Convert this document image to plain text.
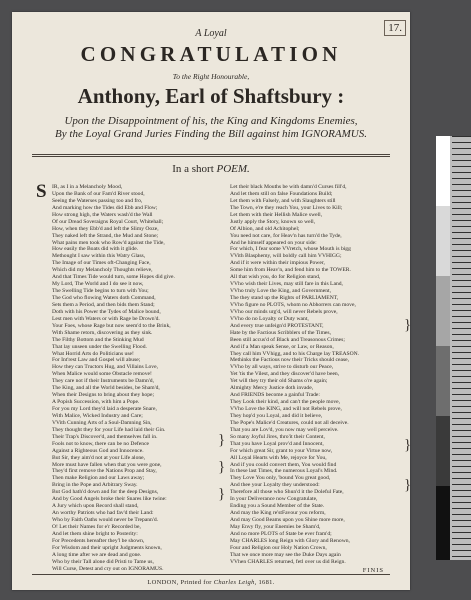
17.
A Loyal
CONGRATULATION
To the Right Honourable,
Anthony, Earl of Shaftsbury :
Upon the Disappointment of his, the King and Kingdoms Enemies,
By the Loyal Grand Juries Finding the Bill against him IGNORAMUS.
In a short POEM.
S IR, as I in a Melancholy Mood,
Upon the Bank of our Fam'd River stood,
Seeing the Waterses passing too and fro,
And marking how the Tides did Ebb and Flow;
How strong high, the Waters wash'd the Wall
Of our Dread Soveraigns Royal Court, Whitehall;
How, when they Ebb'd and left the Slimy Ooze,
They naked left the Strand, the Mud and Stone;
What pains men took who Row'd against the Tide,
How easily the Boats did with it glide.
Methought I saw within this Watry Glass,
The Image of our Times oft-Changing Face,
Which did my Melancholy Thoughts relieve,
And that Times Tide would turn, some Hopes did give.
My Lord, The World and I do see it now,
The Swelling Tide begins to turn with You;
The God who flowing Waters doth Command,
Sets them a Period, and then bids them Stand;
Doth with his Power the Tydes of Malice bound,
Lest men with Waters or with Rage be Drown'd.
Your Foes, whose Rage but now seem'd to the Brink,
With Shame retorn, discovering as they sink.
The Filthy Bottom and the Stinking Mud
That lay unseen under the Swelling Flood.
What Horrid Arts do Politicians use!
For Int'rest Law and Gospel will abuse;
How they can Tructors Hug, and Villains Love,
When Malice would some Obstacle remove!
They care not if their Instruments be Damn'd,
The King, and all the World besides, be Sham'd,
When their Designs to bring about they hope;
A Popish Succession, with him a Pope.
For you my Lord they'd laid a desperate Snare,
With Malice, Wicked Industry and Care;
VVith Cunning Arts of a Soul-Damning Sin,
They thought they for your Life had laid their Gin.
Their Trap's Discover'd, and themselves fall in.
Fools not to know, there can be no Defence
Against a Righteous God and Innocence.
But Sir, they aim'd not at your Life alone,
More must have fallen when that you were gone,
They'd first remove the Nations Prop and Stay,
Then make Religion and our Laws away;
Bring in the Pope and Arbitrary Sway.
But God hath'd down and for the deep Designs,
And by Good Angels broke their Snares like twine:
A Jury which upon Record shall stand,
An worthy Patriots who had fav'd their Land:
Who by Faith Oaths would never be Trepann'd.
O! Let their Names for e'r Recorded be,
And let them shine bright to Posterity:
For Precedents hereafter they'l be shown,
For Wisdom and their upright Judgments known,
A long time after we are dead and gone.
Who by their Tall alone did Pristi to Tame us,
Will Curse, Detest and cry out on IGNORAMUS.
Let their black Mouths be with damn'd Curses fill'd,
And let them still on false Foundations Build;
Let them with Falsely, and with Slaughters still
The Town, e're they reach You, your Lives to Kill;
Let them with their Hellish Malice swell,
Justly apply the Story, known so well,
Of Albion, and old Achitophel;
You need not care, for Heav'n has turn'd the Tyde,
And he himself appeared on your side:
For which, I fear some VVretch, whose Mouth is bigg
VVith Blasphemy, will boldly call him VVHIGG;
And if it were within their impious Power,
Some him from Heav'n, and fend him to the TOWER.
All that wish you, do for Religion stand,
VVho wish their Lives, may still fare in this Land,
VVho truly Love the King, and Government,
The they stand up the Rights of PARLIAMENT,
VVho figure no PLOTS, whom no Abhorrers can move,
VVho our minds urg'd, will never Rebels prove,
VVho do no Loyalty or Duty want,
And every true unfeign'd PROTESTANT,
Hate by the Factious Scribblers of the Times,
Been still accus'd of Black and Treasonous Crimes;
And if a Man speak Sense, or Law, or Reason,
They call him VVhigg, and to his Charge lay TREASON.
Methinks the Factious now their Tricks should cease,
VVho by all ways, strive to disturb our Peace,
Yet 'tis the Vilest, and they discover'd have been,
Yet will they try their old Shams o're again;
Almighty Mercy Justice doth invade,
And FRIENDS become a gainful Trade:
They Look their kind, and can't the people move,
VVho Love the KING, and will not Rebels prove,
They hop'd you Loyal, and did it believe,
The Pope's Malice'd Creatures, could not all deceive.
That you are Lov'd, you now may well perceive.
So many Joyful Jires, thro'it their Content,
That you have Loyal prov'd and Innocent,
For which great Sir, grant to your Virtue now,
All Loyal Hearts with Me, rejoyce for You,
And if you could convert them, You would find
In these last Times, the numerous Loyal's Mind.
They Love You only, 'bound You great good,
And thee your Loyalty they understood:
Therefore all those who Shun'd it the Doleful Fate,
In your Deliverance now Congratulate,
Ending you a Sound Member of the State.
And may the King re'stFavour you reform,
And may Good Beams upon you Shine more more,
May Envy fly, your Enemies be Sham'd,
And no more PLOTS of State be ever fram'd;
May CHARLES long Reign with Glory and Renown,
Four and Religion our Holy Nation Crown,
That we once more may see the Duke Days again
VVhen CHARLES returned, fetl over us did Reign.
}
}
}
}
}
}
FINIS
LONDON, Printed for Charles Leigh, 1681.
